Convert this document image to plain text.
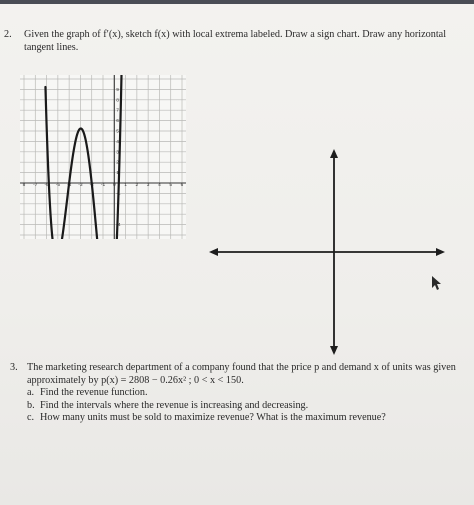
2. Given the graph of f′(x), sketch f(x) with local extrema labeled. Draw a sign chart. Draw any horizontal tangent lines.
8 -7 -6 -5 -4 -3 -2 -1 0 1 2 3 4 5 6
9
8
7
6
5
4
3
2
1
-1
-4
3. The marketing research department of a company found that the price p and demand x of units was given approximately by p(x) = 2808 − 0.26x² ; 0 < x < 150.
a. Find the revenue function.
b. Find the intervals where the revenue is increasing and decreasing.
c. How many units must be sold to maximize revenue? What is the maximum revenue?
